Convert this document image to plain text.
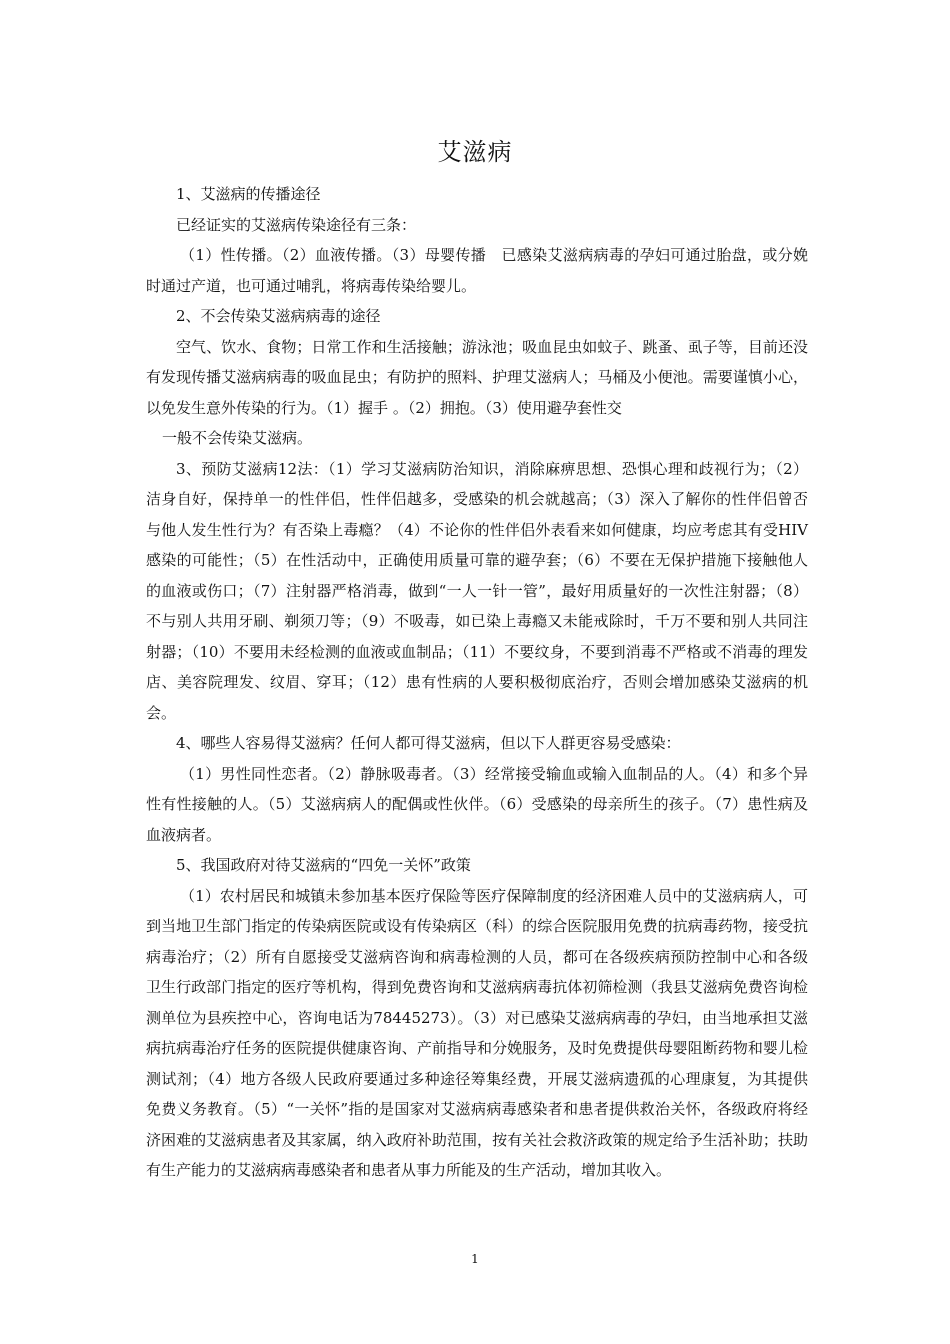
艾滋病

1、艾滋病的传播途径

已经证实的艾滋病传染途径有三条：

（1）性传播。（2）血液传播。（3）母婴传播　已感染艾滋病病毒的孕妇可通过胎盘，或分娩时通过产道，也可通过哺乳，将病毒传染给婴儿。

2、不会传染艾滋病病毒的途径

空气、饮水、食物；日常工作和生活接触；游泳池；吸血昆虫如蚊子、跳蚤、虱子等，目前还没有发现传播艾滋病病毒的吸血昆虫；有防护的照料、护理艾滋病人；马桶及小便池。需要谨慎小心，以免发生意外传染的行为。（1）握手 。（2）拥抱。（3）使用避孕套性交

一般不会传染艾滋病。

3、预防艾滋病12法：（1）学习艾滋病防治知识，消除麻痹思想、恐惧心理和歧视行为；（2）洁身自好，保持单一的性伴侣，性伴侣越多，受感染的机会就越高；（3）深入了解你的性伴侣曾否与他人发生性行为？有否染上毒瘾？（4）不论你的性伴侣外表看来如何健康，均应考虑其有受HIV感染的可能性；（5）在性活动中，正确使用质量可靠的避孕套；（6）不要在无保护措施下接触他人的血液或伤口；（7）注射器严格消毒，做到“一人一针一管”，最好用质量好的一次性注射器；（8）不与别人共用牙刷、剃须刀等；（9）不吸毒，如已染上毒瘾又未能戒除时，千万不要和别人共同注射器；（10）不要用未经检测的血液或血制品；（11）不要纹身，不要到消毒不严格或不消毒的理发店、美容院理发、纹眉、穿耳；（12）患有性病的人要积极彻底治疗，否则会增加感染艾滋病的机会。

4、哪些人容易得艾滋病？任何人都可得艾滋病，但以下人群更容易受感染：

（1）男性同性恋者。（2）静脉吸毒者。（3）经常接受输血或输入血制品的人。（4）和多个异性有性接触的人。（5）艾滋病病人的配偶或性伙伴。（6）受感染的母亲所生的孩子。（7）患性病及血液病者。

5、我国政府对待艾滋病的“四免一关怀”政策

（1）农村居民和城镇未参加基本医疗保险等医疗保障制度的经济困难人员中的艾滋病病人，可到当地卫生部门指定的传染病医院或设有传染病区（科）的综合医院服用免费的抗病毒药物，接受抗病毒治疗；（2）所有自愿接受艾滋病咨询和病毒检测的人员，都可在各级疾病预防控制中心和各级卫生行政部门指定的医疗等机构，得到免费咨询和艾滋病病毒抗体初筛检测（我县艾滋病免费咨询检测单位为县疾控中心，咨询电话为78445273）。（3）对已感染艾滋病病毒的孕妇，由当地承担艾滋病抗病毒治疗任务的医院提供健康咨询、产前指导和分娩服务，及时免费提供母婴阻断药物和婴儿检测试剂；（4）地方各级人民政府要通过多种途径筹集经费，开展艾滋病遗孤的心理康复，为其提供免费义务教育。（5）“一关怀”指的是国家对艾滋病病毒感染者和患者提供救治关怀，各级政府将经济困难的艾滋病患者及其家属，纳入政府补助范围，按有关社会救济政策的规定给予生活补助；扶助有生产能力的艾滋病病毒感染者和患者从事力所能及的生产活动，增加其收入。

1
